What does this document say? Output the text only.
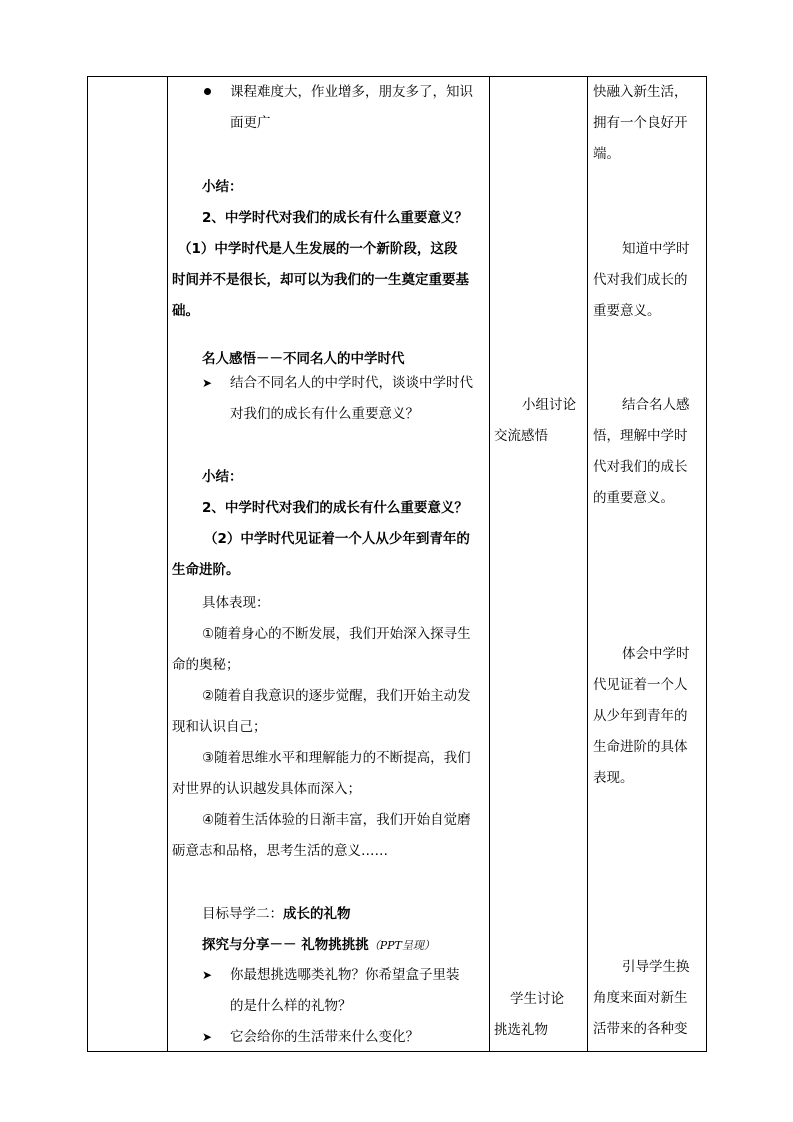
课程难度大，作业增多，朋友多了，知识
面更广
小结：
2、中学时代对我们的成长有什么重要意义？
（1）中学时代是人生发展的一个新阶段，这段
时间并不是很长，却可以为我们的一生奠定重要基
础。
名人感悟－－不同名人的中学时代
➤ 结合不同名人的中学时代，谈谈中学时代
对我们的成长有什么重要意义？
小结：
2、中学时代对我们的成长有什么重要意义？
（2）中学时代见证着一个人从少年到青年的
生命进阶。
具体表现：
①随着身心的不断发展，我们开始深入探寻生
命的奥秘；
②随着自我意识的逐步觉醒，我们开始主动发
现和认识自己；
③随着思维水平和理解能力的不断提高，我们
对世界的认识越发具体而深入；
④随着生活体验的日渐丰富，我们开始自觉磨
砺意志和品格，思考生活的意义……
目标导学二：成长的礼物
探究与分享－－ 礼物挑挑挑（PPT呈现）
➤ 你最想挑选哪类礼物？你希望盒子里装
的是什么样的礼物？
➤ 它会给你的生活带来什么变化？
小组讨论
交流感悟
学生讨论
挑选礼物
快融入新生活，
拥有一个良好开
端。
知道中学时
代对我们成长的
重要意义。
结合名人感
悟，理解中学时
代对我们的成长
的重要意义。
体会中学时
代见证着一个人
从少年到青年的
生命进阶的具体
表现。
引导学生换
角度来面对新生
活带来的各种变
